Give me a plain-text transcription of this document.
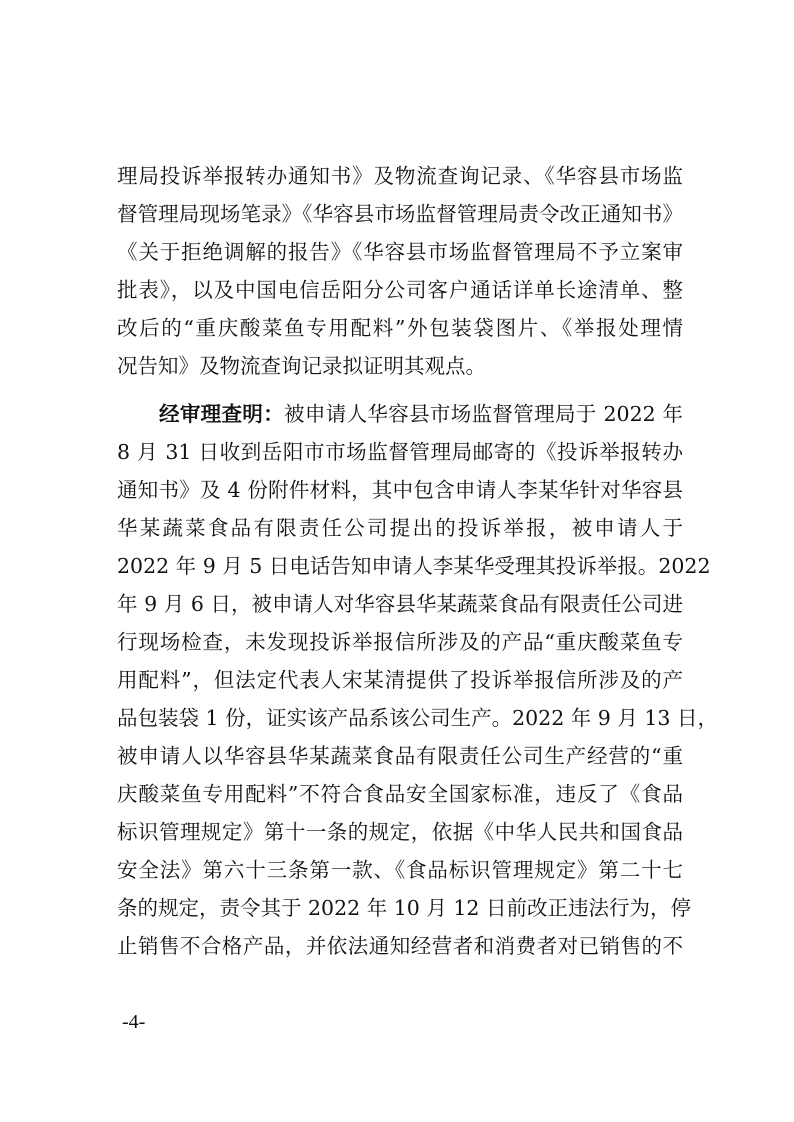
理局投诉举报转办通知书》及物流查询记录、《华容县市场监
督管理局现场笔录》《华容县市场监督管理局责令改正通知书》
《关于拒绝调解的报告》《华容县市场监督管理局不予立案审
批表》，以及中国电信岳阳分公司客户通话详单长途清单、整
改后的“重庆酸菜鱼专用配料”外包装袋图片、《举报处理情
况告知》及物流查询记录拟证明其观点。
经审理查明：被申请人华容县市场监督管理局于 2022 年
8 月 31 日收到岳阳市市场监督管理局邮寄的《投诉举报转办
通知书》及 4 份附件材料，其中包含申请人李某华针对华容县
华某蔬菜食品有限责任公司提出的投诉举报，被申请人于
2022 年 9 月 5 日电话告知申请人李某华受理其投诉举报。2022
年 9 月 6 日，被申请人对华容县华某蔬菜食品有限责任公司进
行现场检查，未发现投诉举报信所涉及的产品“重庆酸菜鱼专
用配料”，但法定代表人宋某清提供了投诉举报信所涉及的产
品包装袋 1 份，证实该产品系该公司生产。2022 年 9 月 13 日，
被申请人以华容县华某蔬菜食品有限责任公司生产经营的“重
庆酸菜鱼专用配料”不符合食品安全国家标准，违反了《食品
标识管理规定》第十一条的规定，依据《中华人民共和国食品
安全法》第六十三条第一款、《食品标识管理规定》第二十七
条的规定，责令其于 2022 年 10 月 12 日前改正违法行为，停
止销售不合格产品，并依法通知经营者和消费者对已销售的不
-4-
